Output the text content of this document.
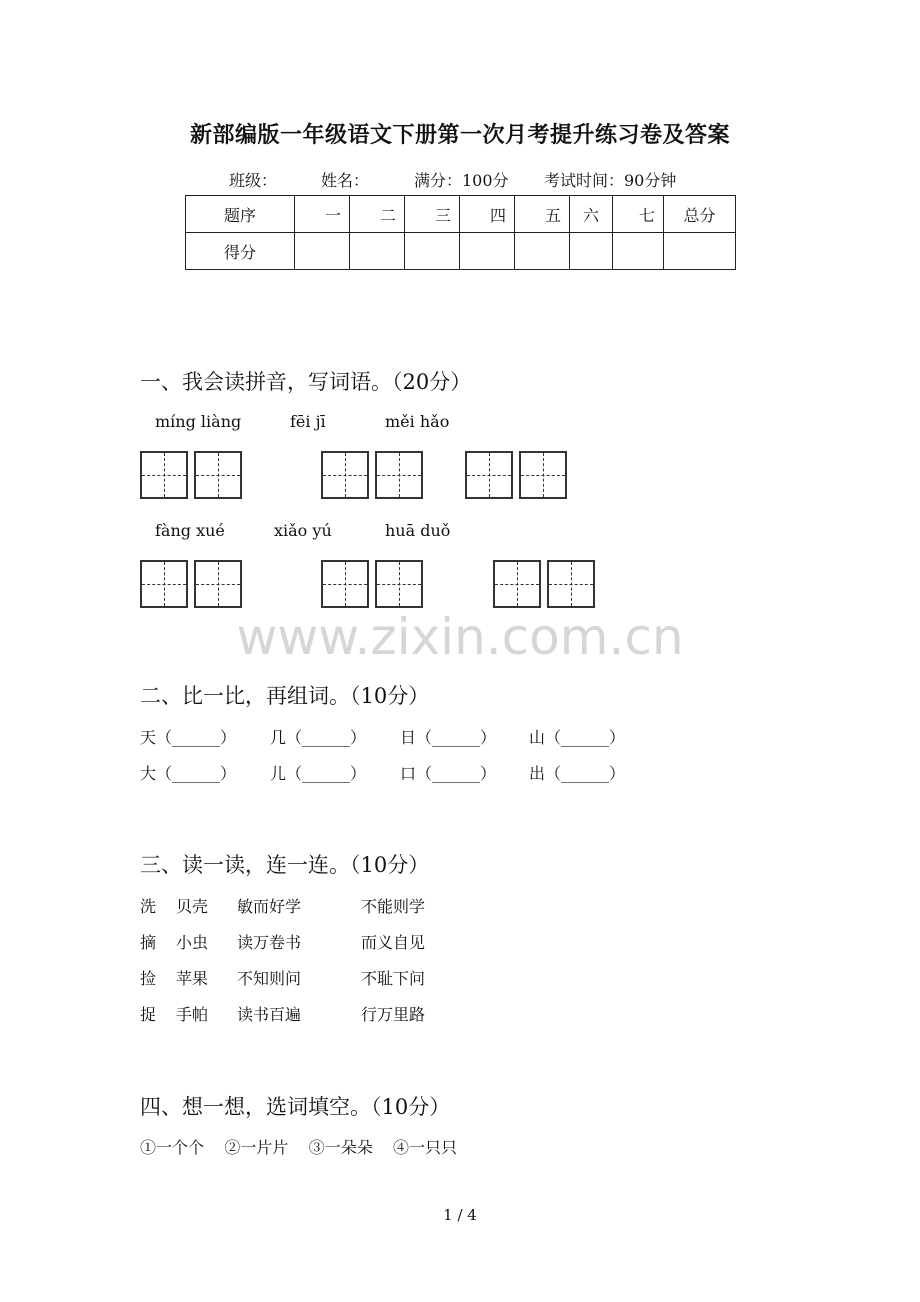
新部编版一年级语文下册第一次月考提升练习卷及答案
班级：	姓名：	满分：100分 考试时间：90分钟
题序	一	二	三	四	五	六	七	总分
得分								
一、我会读拼音，写词语。（20分）
míng liàng	fēi jī	měi hǎo
fàng xué	xiǎo yú	huā duǒ
www.zixin.com.cn
二、比一比，再组词。（10分）
天（______） 几（______） 日（______） 山（______）
大（______） 儿（______） 口（______） 出（______）
三、读一读，连一连。（10分）
洗 贝壳 敏而好学	不能则学
摘 小虫 读万卷书	而义自见
捡 苹果 不知则问	不耻下问
捉 手帕 读书百遍	行万里路
四、想一想，选词填空。（10分）
①一个个    ②一片片    ③一朵朵    ④一只只
1 / 4
